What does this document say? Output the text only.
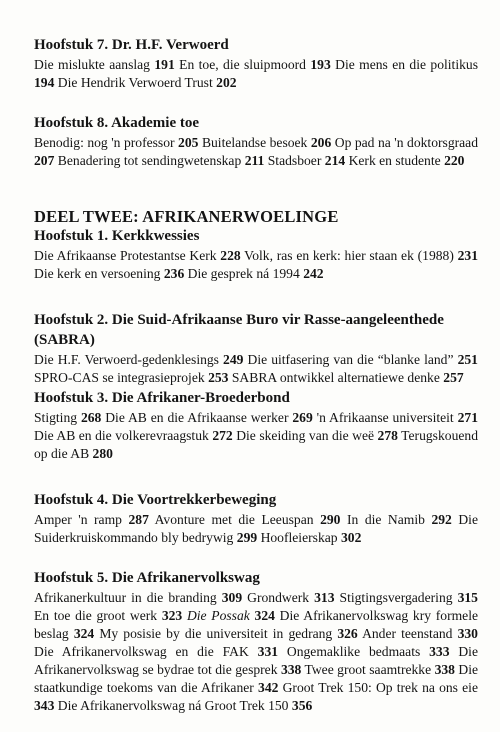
Hoofstuk 7. Dr. H.F. Verwoerd

Die mislukte aanslag 191 En toe, die sluipmoord 193 Die mens en die politikus 194 Die Hendrik Verwoerd Trust 202

Hoofstuk 8. Akademie toe

Benodig: nog 'n professor 205 Buitelandse besoek 206 Op pad na 'n doktorsgraad 207 Benadering tot sendingwetenskap 211 Stadsboer 214 Kerk en studente 220

DEEL TWEE: AFRIKANERWOELINGE
Hoofstuk 1. Kerkkwessies

Die Afrikaanse Protestantse Kerk 228 Volk, ras en kerk: hier staan ek (1988) 231 Die kerk en versoening 236 Die gesprek ná 1994 242

Hoofstuk 2. Die Suid-Afrikaanse Buro vir Rasse-aangeleenthede (SABRA)

Die H.F. Verwoerd-gedenklesings 249 Die uitfasering van die “blanke land” 251 SPRO-CAS se integrasieprojek 253 SABRA ontwikkel alternatiewe denke 257

Hoofstuk 3. Die Afrikaner-Broederbond

Stigting 268 Die AB en die Afrikaanse werker 269 'n Afrikaanse universiteit 271 Die AB en die volkerevraagstuk 272 Die skeiding van die weë 278 Terugskouend op die AB 280

Hoofstuk 4. Die Voortrekkerbeweging

Amper 'n ramp 287 Avonture met die Leeuspan 290 In die Namib 292 Die Suiderkruiskommando bly bedrywig 299 Hoofleierskap 302

Hoofstuk 5. Die Afrikanervolkswag

Afrikanerkultuur in die branding 309 Grondwerk 313 Stigtingsvergadering 315 En toe die groot werk 323 Die Possak 324 Die Afrikanervolkswag kry formele beslag 324 My posisie by die universiteit in gedrang 326 Ander teenstand 330 Die Afrikanervolkswag en die FAK 331 Ongemaklike bedmaats 333 Die Afrikanervolkswag se bydrae tot die gesprek 338 Twee groot saamtrekke 338 Die staatkundige toekoms van die Afrikaner 342 Groot Trek 150: Op trek na ons eie 343 Die Afrikanervolkswag ná Groot Trek 150 356
